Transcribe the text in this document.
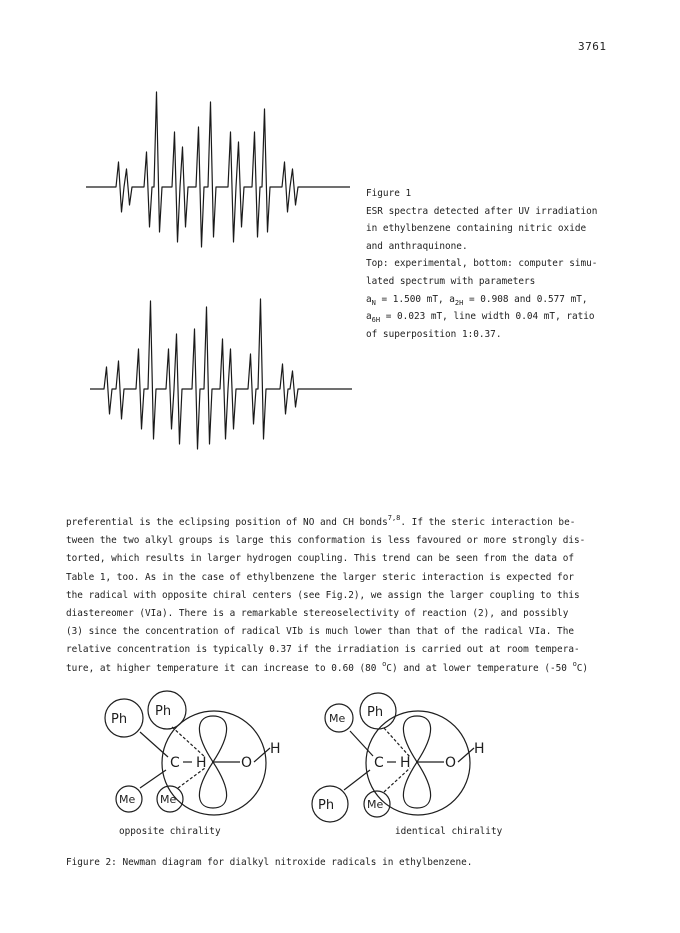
3761
Figure 1
ESR spectra detected after UV irradiation
in ethylbenzene containing nitric oxide
and anthraquinone.
Top: experimental, bottom: computer simu-
lated spectrum with parameters
$a_N = 1.500$ mT, $a_{2H} = 0.908$ and 0.577 mT,
$a_{6H} = 0.023$ mT, line width 0.04 mT, ratio
of superposition 1:0.37.
preferential is the eclipsing position of NO and CH bonds$^{7,8}$. If the steric interaction be-
tween the two alkyl groups is large this conformation is less favoured or more strongly dis-
torted, which results in larger hydrogen coupling. This trend can be seen from the data of
Table 1, too. As in the case of ethylbenzene the larger steric interaction is expected for
the radical with opposite chiral centers (see Fig.2), we assign the larger coupling to this
diastereomer (VIa). There is a remarkable stereoselectivity of reaction (2), and possibly
(3) since the concentration of radical VIb is much lower than that of the radical VIa. The
relative concentration is typically 0.37 if the irradiation is carried out at room tempera-
ture, at higher temperature it can increase to 0.60 (80 $^o$C) and at lower temperature (-50 $^o$C)
Ph
Ph
Me Me
C H O
H
Me Ph
Ph	Me
C H O
H
opposite chirality	identical chirality
Figure 2: Newman diagram for dialkyl nitroxide radicals in ethylbenzene.
